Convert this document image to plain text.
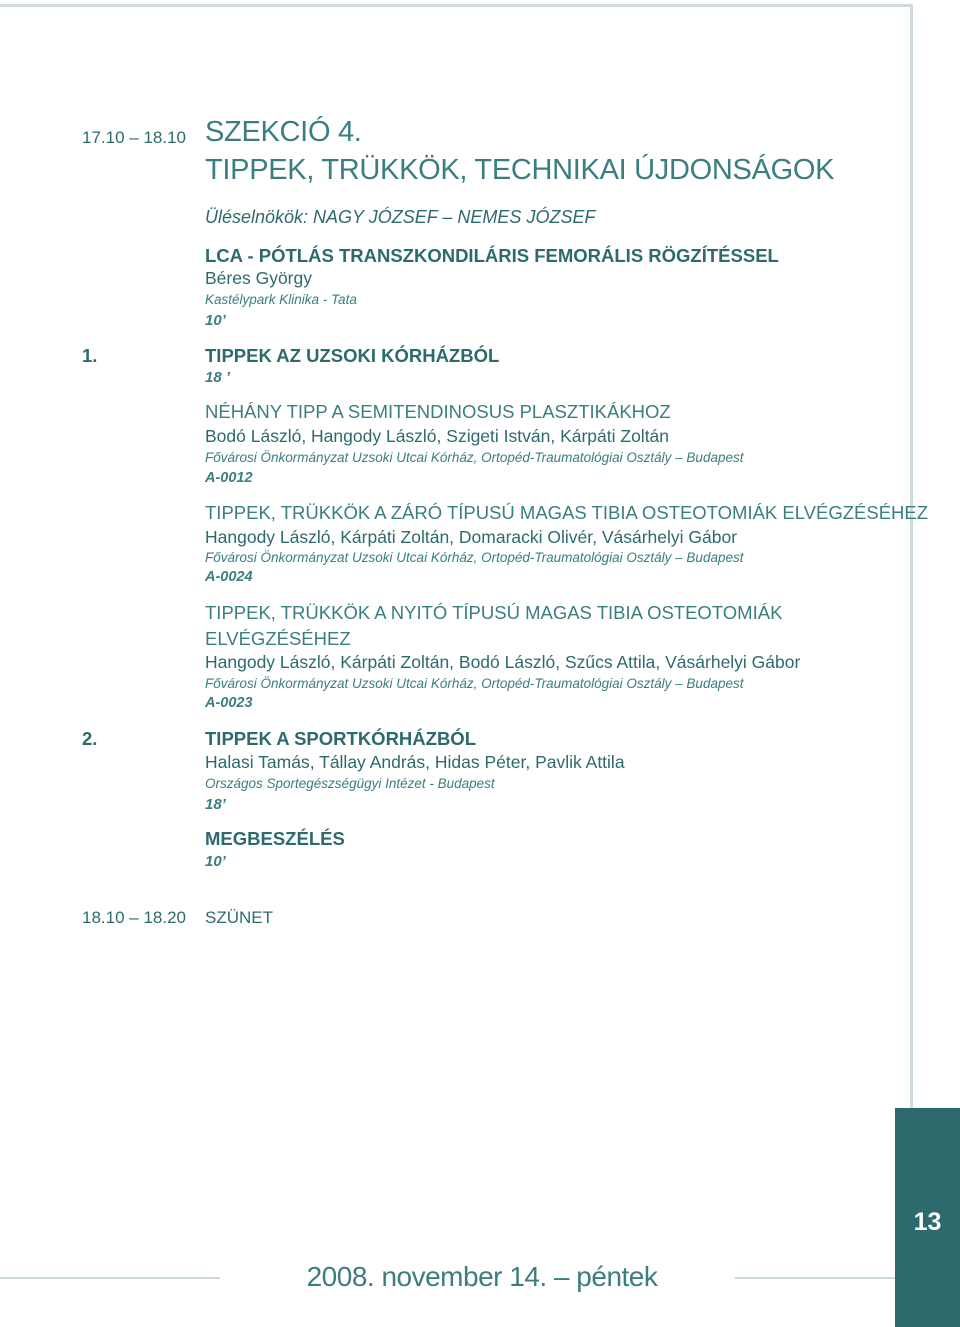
17.10 – 18.10 SZEKCIÓ 4.
TIPPEK, TRÜKKÖK, TECHNIKAI ÚJDONSÁGOK
Üléselnökök: NAGY JÓZSEF – NEMES JÓZSEF
LCA - PÓTLÁS TRANSZKONDILÁRIS FEMORÁLIS RÖGZÍTÉSSEL
Béres György
Kastélypark Klinika - Tata
10’
1.	TIPPEK AZ UZSOKI KÓRHÁZBÓL
18 ’
NÉHÁNY TIPP A SEMITENDINOSUS PLASZTIKÁKHOZ
Bodó László, Hangody László, Szigeti István, Kárpáti Zoltán
Fővárosi Önkormányzat Uzsoki Utcai Kórház, Ortopéd-Traumatológiai Osztály – Budapest
A-0012
TIPPEK, TRÜKKÖK A ZÁRÓ TÍPUSÚ MAGAS TIBIA OSTEOTOMIÁK ELVÉGZÉSÉHEZ
Hangody László, Kárpáti Zoltán, Domaracki Olivér, Vásárhelyi Gábor
Fővárosi Önkormányzat Uzsoki Utcai Kórház, Ortopéd-Traumatológiai Osztály – Budapest
A-0024
TIPPEK, TRÜKKÖK A NYITÓ TÍPUSÚ MAGAS TIBIA OSTEOTOMIÁK
ELVÉGZÉSÉHEZ
Hangody László, Kárpáti Zoltán, Bodó László, Szűcs Attila, Vásárhelyi Gábor
Fővárosi Önkormányzat Uzsoki Utcai Kórház, Ortopéd-Traumatológiai Osztály – Budapest
A-0023
2.	TIPPEK A SPORTKÓRHÁZBÓL
Halasi Tamás, Tállay András, Hidas Péter, Pavlik Attila
Országos Sportegészségügyi Intézet - Budapest
18’
MEGBESZÉLÉS
10’
18.10 – 18.20 SZÜNET
2008. november 14. – péntek
13
